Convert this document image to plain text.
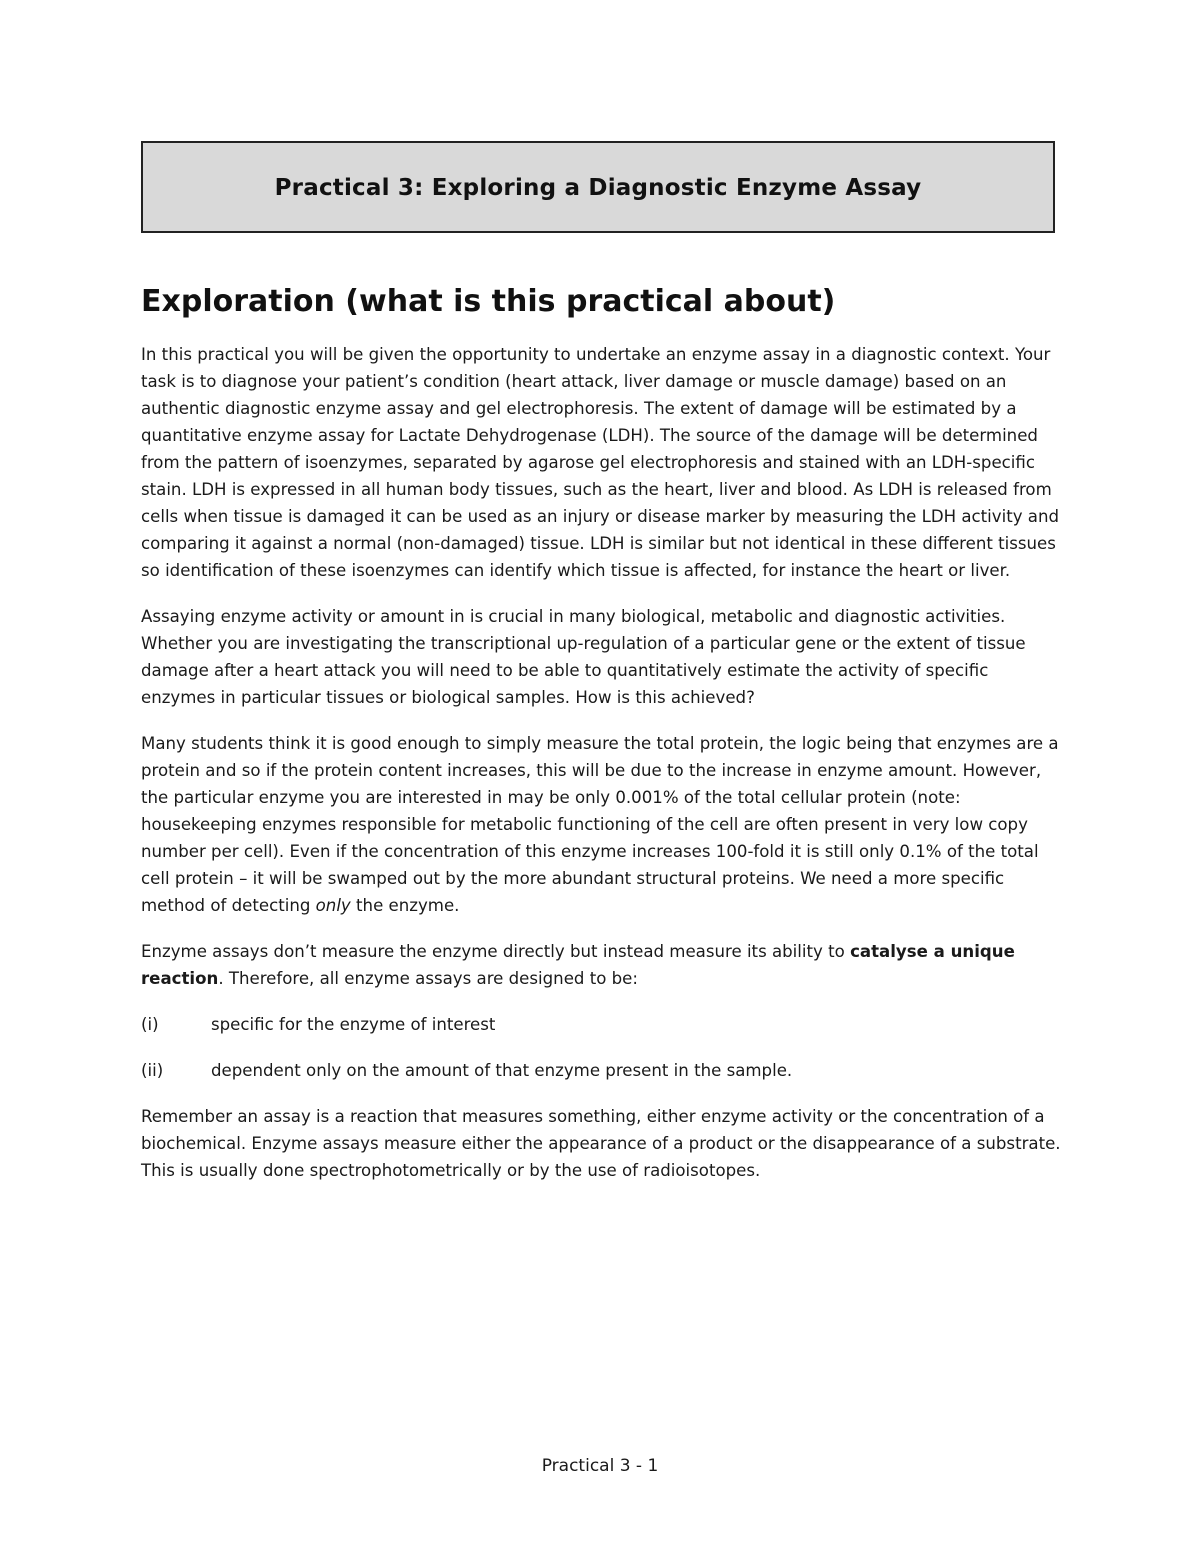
Practical 3: Exploring a Diagnostic Enzyme Assay
Exploration (what is this practical about)

In this practical you will be given the opportunity to undertake an enzyme assay in a diagnostic context. Your task is to diagnose your patient’s condition (heart attack, liver damage or muscle damage) based on an authentic diagnostic enzyme assay and gel electrophoresis. The extent of damage will be estimated by a quantitative enzyme assay for Lactate Dehydrogenase (LDH). The source of the damage will be determined from the pattern of isoenzymes, separated by agarose gel electrophoresis and stained with an LDH-specific stain. LDH is expressed in all human body tissues, such as the heart, liver and blood. As LDH is released from cells when tissue is damaged it can be used as an injury or disease marker by measuring the LDH activity and comparing it against a normal (non-damaged) tissue. LDH is similar but not identical in these different tissues so identification of these isoenzymes can identify which tissue is affected, for instance the heart or liver.

Assaying enzyme activity or amount in is crucial in many biological, metabolic and diagnostic activities. Whether you are investigating the transcriptional up-regulation of a particular gene or the extent of tissue damage after a heart attack you will need to be able to quantitatively estimate the activity of specific enzymes in particular tissues or biological samples. How is this achieved?

Many students think it is good enough to simply measure the total protein, the logic being that enzymes are a protein and so if the protein content increases, this will be due to the increase in enzyme amount. However, the particular enzyme you are interested in may be only 0.001% of the total cellular protein (note: housekeeping enzymes responsible for metabolic functioning of the cell are often present in very low copy number per cell). Even if the concentration of this enzyme increases 100-fold it is still only 0.1% of the total cell protein – it will be swamped out by the more abundant structural proteins. We need a more specific method of detecting only the enzyme.

Enzyme assays don’t measure the enzyme directly but instead measure its ability to catalyse a unique reaction. Therefore, all enzyme assays are designed to be:

(i)	specific for the enzyme of interest
(ii)	dependent only on the amount of that enzyme present in the sample.

Remember an assay is a reaction that measures something, either enzyme activity or the concentration of a biochemical. Enzyme assays measure either the appearance of a product or the disappearance of a substrate. This is usually done spectrophotometrically or by the use of radioisotopes.

Practical 3 - 1
